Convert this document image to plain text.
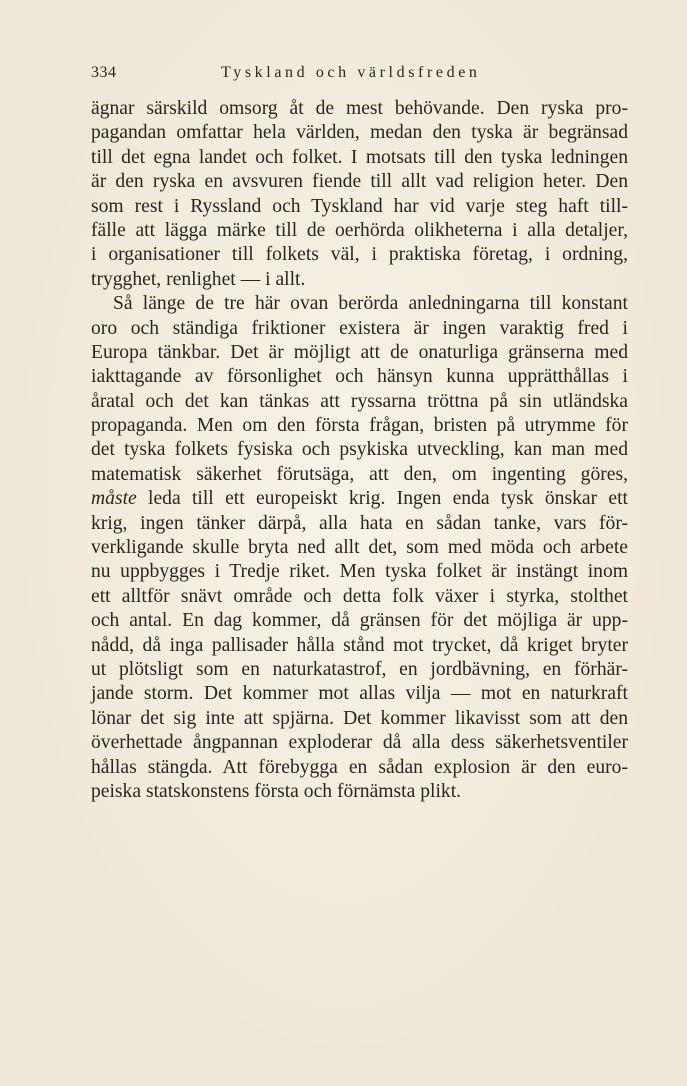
334	Tyskland och världsfreden
ägnar särskild omsorg åt de mest behövande. Den ryska pro-
pagandan omfattar hela världen, medan den tyska är begränsad
till det egna landet och folket. I motsats till den tyska ledningen
är den ryska en avsvuren fiende till allt vad religion heter. Den
som rest i Ryssland och Tyskland har vid varje steg haft till-
fälle att lägga märke till de oerhörda olikheterna i alla detaljer,
i organisationer till folkets väl, i praktiska företag, i ordning,
trygghet, renlighet — i allt.
Så länge de tre här ovan berörda anledningarna till konstant
oro och ständiga friktioner existera är ingen varaktig fred i
Europa tänkbar. Det är möjligt att de onaturliga gränserna med
iakttagande av försonlighet och hänsyn kunna upprätthållas i
åratal och det kan tänkas att ryssarna tröttna på sin utländska
propaganda. Men om den första frågan, bristen på utrymme för
det tyska folkets fysiska och psykiska utveckling, kan man med
matematisk säkerhet förutsäga, att den, om ingenting göres,
måste leda till ett europeiskt krig. Ingen enda tysk önskar ett
krig, ingen tänker därpå, alla hata en sådan tanke, vars för-
verkligande skulle bryta ned allt det, som med möda och arbete
nu uppbygges i Tredje riket. Men tyska folket är instängt inom
ett alltför snävt område och detta folk växer i styrka, stolthet
och antal. En dag kommer, då gränsen för det möjliga är upp-
nådd, då inga pallisader hålla stånd mot trycket, då kriget bryter
ut plötsligt som en naturkatastrof, en jordbävning, en förhär-
jande storm. Det kommer mot allas vilja — mot en naturkraft
lönar det sig inte att spjärna. Det kommer likavisst som att den
överhettade ångpannan exploderar då alla dess säkerhetsventiler
hållas stängda. Att förebygga en sådan explosion är den euro-
peiska statskonstens första och förnämsta plikt.
